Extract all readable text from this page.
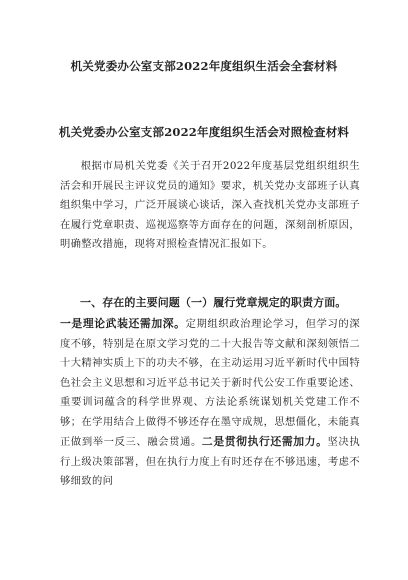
机关党委办公室支部2022年度组织生活会全套材料
机关党委办公室支部2022年度组织生活会对照检查材料
根据市局机关党委《关于召开2022年度基层党组织组织生活会和开展民主评议党员的通知》要求，机关党办支部班子认真组织集中学习，广泛开展谈心谈话，深入查找机关党办支部班子在履行党章职责、巡视巡察等方面存在的问题，深刻剖析原因，明确整改措施，现将对照检查情况汇报如下。
一、存在的主要问题（一）履行党章规定的职责方面。
一是理论武装还需加深。定期组织政治理论学习，但学习的深度不够，特别是在原文学习党的二十大报告等文献和深刻领悟二十大精神实质上下的功夫不够，在主动运用习近平新时代中国特色社会主义思想和习近平总书记关于新时代公安工作重要论述、重要训词蕴含的科学世界观、方法论系统谋划机关党建工作不够；在学用结合上做得不够还存在墨守成规，思想僵化，未能真正做到举一反三、融会贯通。二是贯彻执行还需加力。坚决执行上级决策部署，但在执行力度上有时还存在不够迅速，考虑不够细致的问
